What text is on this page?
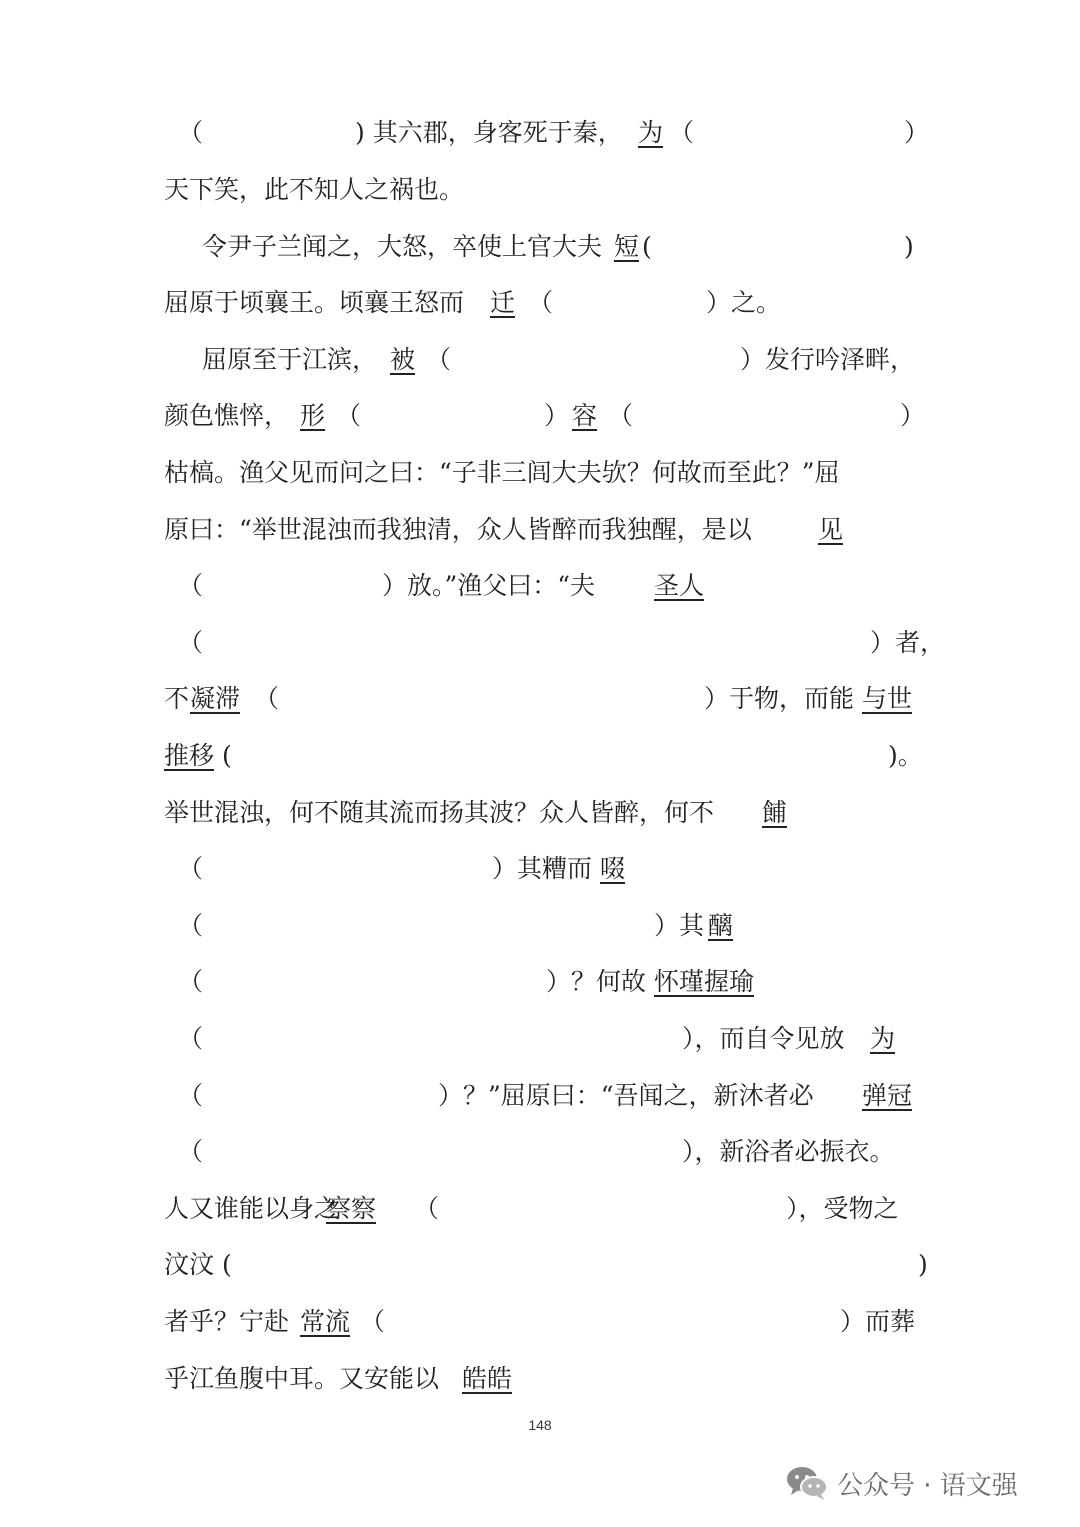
（	) 其六郡，身客死于秦， 为 （	）
天下笑，此不知人之祸也。
令尹子兰闻之，大怒，卒使上官大夫 短 (	)
屈原于顷襄王。顷襄王怒而 迁 （	）之。
屈原至于江滨， 被 （	）发行吟泽畔，
颜色憔悴， 形 （	） 容 （	）
枯槁。渔父见而问之曰：“子非三闾大夫欤？何故而至此？”屈
原曰：“举世混浊而我独清，众人皆醉而我独醒，是以	见
（	）放。”渔父曰：“夫 圣人
（	）者，
不 凝滞 （	）于物，而能 与世
推移 (	)。
举世混浊，何不随其流而扬其波？众人皆醉，何不 餔
（	）其糟而 啜
（	）其 醨
（	）？何故 怀瑾握瑜
（	），而自令见放 为
（	）？”屈原曰：“吾闻之，新沐者必 弹冠
（	），新浴者必振衣。
人又谁能以身之
察察 （	），受物之
汶汶 (	)
者乎？宁赴 常流 （	）而葬
乎江鱼腹中耳。又安能以 皓皓
148
公众号 · 语文强
